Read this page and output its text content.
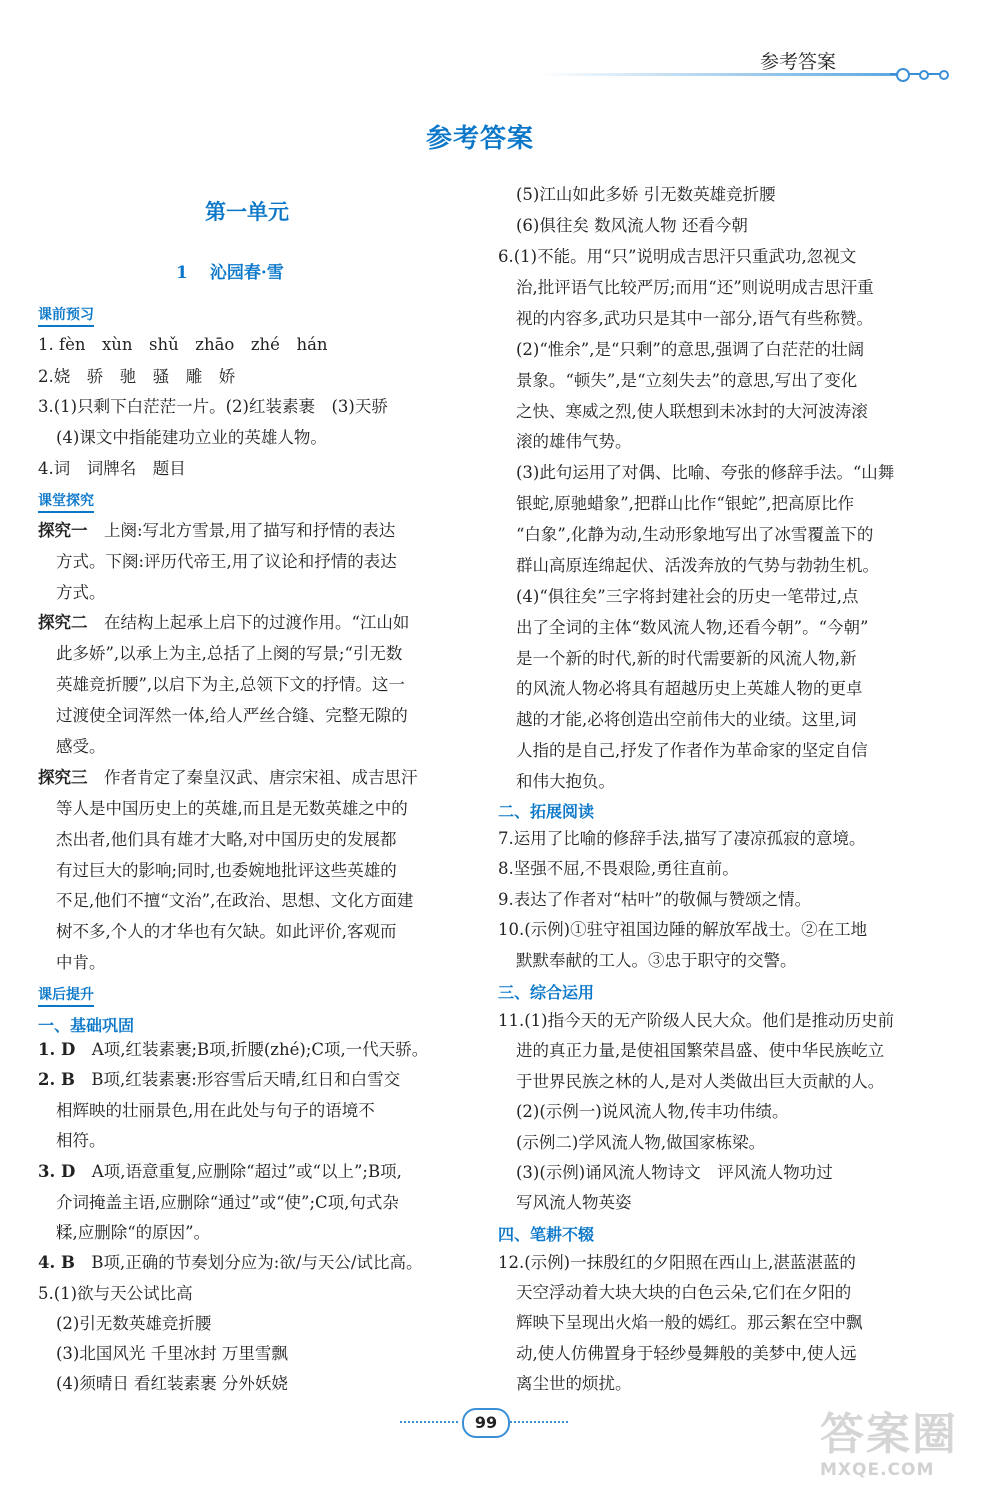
参考答案
参考答案
第一单元
1 沁园春·雪
课前预习
1. fèn　xùn　shǔ　zhāo　zhé　hán
2.娆　骄　驰　骚　雕　娇
3.(1)只剩下白茫茫一片。(2)红装素裹　(3)天骄
(4)课文中指能建功立业的英雄人物。
4.词　词牌名　题目
课堂探究
探究一　上阕:写北方雪景,用了描写和抒情的表达
方式。下阕:评历代帝王,用了议论和抒情的表达
方式。
探究二　在结构上起承上启下的过渡作用。“江山如
此多娇”,以承上为主,总括了上阕的写景;“引无数
英雄竞折腰”,以启下为主,总领下文的抒情。这一
过渡使全词浑然一体,给人严丝合缝、完整无隙的
感受。
探究三　作者肯定了秦皇汉武、唐宗宋祖、成吉思汗
等人是中国历史上的英雄,而且是无数英雄之中的
杰出者,他们具有雄才大略,对中国历史的发展都
有过巨大的影响;同时,也委婉地批评这些英雄的
不足,他们不擅“文治”,在政治、思想、文化方面建
树不多,个人的才华也有欠缺。如此评价,客观而
中肯。
课后提升
一、基础巩固
1. D　A项,红装素裹;B项,折腰(zhé);C项,一代天骄。
2. B　B项,红装素裹:形容雪后天晴,红日和白雪交
相辉映的壮丽景色,用在此处与句子的语境不
相符。
3. D　A项,语意重复,应删除“超过”或“以上”;B项,
介词掩盖主语,应删除“通过”或“使”;C项,句式杂
糅,应删除“的原因”。
4. B　B项,正确的节奏划分应为:欲/与天公/试比高。
5.(1)欲与天公试比高
(2)引无数英雄竞折腰
(3)北国风光 千里冰封 万里雪飘
(4)须晴日 看红装素裹 分外妖娆
(5)江山如此多娇 引无数英雄竞折腰
(6)俱往矣 数风流人物 还看今朝
6.(1)不能。用“只”说明成吉思汗只重武功,忽视文
治,批评语气比较严厉;而用“还”则说明成吉思汗重
视的内容多,武功只是其中一部分,语气有些称赞。
(2)“惟余”,是“只剩”的意思,强调了白茫茫的壮阔
景象。“顿失”,是“立刻失去”的意思,写出了变化
之快、寒威之烈,使人联想到未冰封的大河波涛滚
滚的雄伟气势。
(3)此句运用了对偶、比喻、夸张的修辞手法。“山舞
银蛇,原驰蜡象”,把群山比作“银蛇”,把高原比作
“白象”,化静为动,生动形象地写出了冰雪覆盖下的
群山高原连绵起伏、活泼奔放的气势与勃勃生机。
(4)“俱往矣”三字将封建社会的历史一笔带过,点
出了全词的主体“数风流人物,还看今朝”。“今朝”
是一个新的时代,新的时代需要新的风流人物,新
的风流人物必将具有超越历史上英雄人物的更卓
越的才能,必将创造出空前伟大的业绩。这里,词
人指的是自己,抒发了作者作为革命家的坚定自信
和伟大抱负。
二、拓展阅读
7.运用了比喻的修辞手法,描写了凄凉孤寂的意境。
8.坚强不屈,不畏艰险,勇往直前。
9.表达了作者对“枯叶”的敬佩与赞颂之情。
10.(示例)①驻守祖国边陲的解放军战士。②在工地
默默奉献的工人。③忠于职守的交警。
三、综合运用
11.(1)指今天的无产阶级人民大众。他们是推动历史前
进的真正力量,是使祖国繁荣昌盛、使中华民族屹立
于世界民族之林的人,是对人类做出巨大贡献的人。
(2)(示例一)说风流人物,传丰功伟绩。
(示例二)学风流人物,做国家栋梁。
(3)(示例)诵风流人物诗文　评风流人物功过
写风流人物英姿
四、笔耕不辍
12.(示例)一抹殷红的夕阳照在西山上,湛蓝湛蓝的
天空浮动着大块大块的白色云朵,它们在夕阳的
辉映下呈现出火焰一般的嫣红。那云絮在空中飘
动,使人仿佛置身于轻纱曼舞般的美梦中,使人远
离尘世的烦扰。
99	答案圈
MXQE.COM
